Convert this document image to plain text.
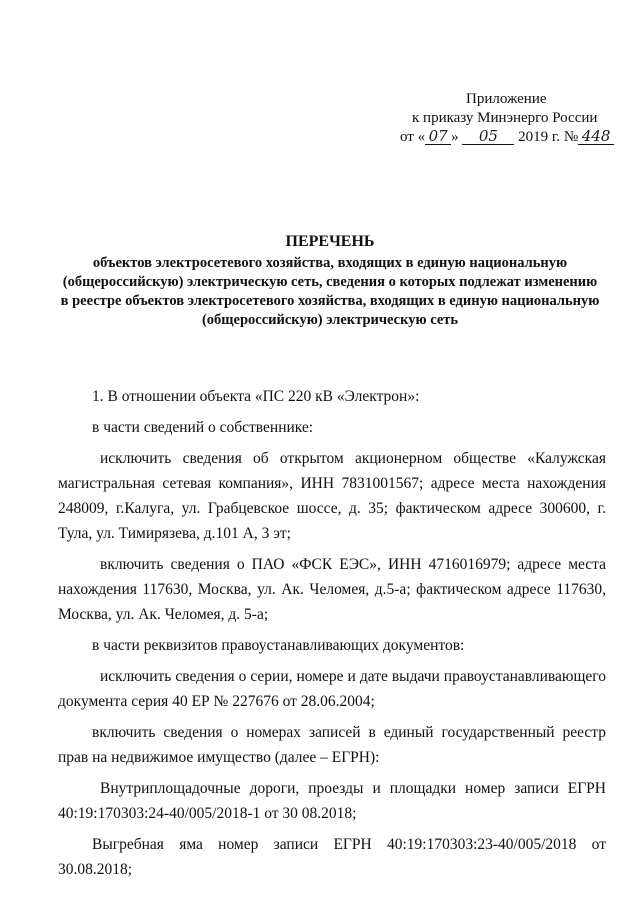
Приложение
к приказу Минэнерго России
от « 07 » 05 2019 г. № 448
ПЕРЕЧЕНЬ
объектов электросетевого хозяйства, входящих в единую национальную (общероссийскую) электрическую сеть, сведения о которых подлежат изменению в реестре объектов электросетевого хозяйства, входящих в единую национальную (общероссийскую) электрическую сеть

1. В отношении объекта «ПС 220 кВ «Электрон»:

в части сведений о собственнике:

исключить сведения об открытом акционерном обществе «Калужская магистральная сетевая компания», ИНН 7831001567; адресе места нахождения 248009, г.Калуга, ул. Грабцевское шоссе, д. 35; фактическом адресе 300600, г. Тула, ул. Тимирязева, д.101 А, 3 эт;

включить сведения о ПАО «ФСК ЕЭС», ИНН 4716016979; адресе места нахождения 117630, Москва, ул. Ак. Челомея, д.5-а; фактическом адресе 117630, Москва, ул. Ак. Челомея, д. 5-а;

в части реквизитов правоустанавливающих документов:

исключить сведения о серии, номере и дате выдачи правоустанавливающего документа серия 40 ЕР № 227676 от 28.06.2004;

включить сведения о номерах записей в единый государственный реестр прав на недвижимое имущество (далее – ЕГРН):

Внутриплощадочные дороги, проезды и площадки номер записи ЕГРН 40:19:170303:24-40/005/2018-1 от 30 08.2018;

Выгребная яма номер записи ЕГРН 40:19:170303:23-40/005/2018 от 30.08.2018;
